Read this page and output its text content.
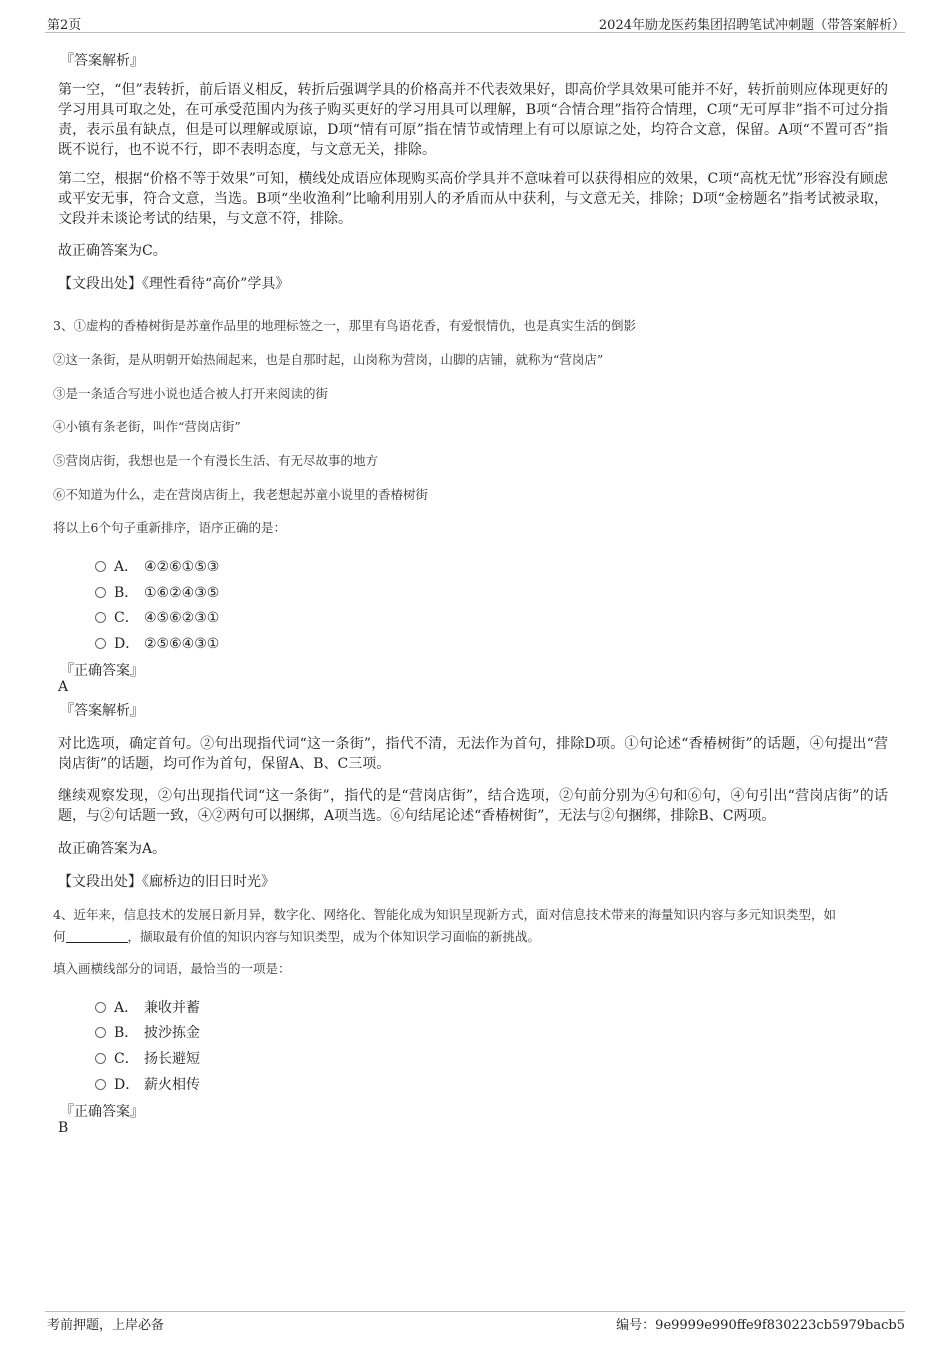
第2页	2024年励龙医药集团招聘笔试冲刺题（带答案解析）
『答案解析』
第一空，“但”表转折，前后语义相反，转折后强调学具的价格高并不代表效果好，即高价学具效果可能并不好，转折前则应体现更好的学习用具可取之处，在可承受范围内为孩子购买更好的学习用具可以理解，B项“合情合理”指符合情理，C项“无可厚非”指不可过分指责，表示虽有缺点，但是可以理解或原谅，D项“情有可原”指在情节或情理上有可以原谅之处，均符合文意，保留。A项“不置可否”指既不说行，也不说不行，即不表明态度，与文意无关，排除。
第二空，根据“价格不等于效果”可知，横线处成语应体现购买高价学具并不意味着可以获得相应的效果，C项“高枕无忧”形容没有顾虑或平安无事，符合文意，当选。B项“坐收渔利”比喻利用别人的矛盾而从中获利，与文意无关，排除；D项“金榜题名”指考试被录取，文段并未谈论考试的结果，与文意不符，排除。
故正确答案为C。
【文段出处】《理性看待“高价”学具》
3、①虚构的香椿树街是苏童作品里的地理标签之一，那里有鸟语花香，有爱恨情仇，也是真实生活的倒影
②这一条街，是从明朝开始热闹起来，也是自那时起，山岗称为营岗，山脚的店铺，就称为“营岗店”
③是一条适合写进小说也适合被人打开来阅读的街
④小镇有条老街，叫作“营岗店街”
⑤营岗店街，我想也是一个有漫长生活、有无尽故事的地方
⑥不知道为什么，走在营岗店街上，我老想起苏童小说里的香椿树街
将以上6个句子重新排序，语序正确的是：
A． ④②⑥①⑤③
B． ①⑥②④③⑤
C． ④⑤⑥②③①
D． ②⑤⑥④③①
『正确答案』
A
『答案解析』
对比选项，确定首句。②句出现指代词“这一条街”，指代不清，无法作为首句，排除D项。①句论述“香椿树街”的话题，④句提出“营岗店街”的话题，均可作为首句，保留A、B、C三项。
继续观察发现，②句出现指代词“这一条街”，指代的是“营岗店街”，结合选项，②句前分别为④句和⑥句，④句引出“营岗店街”的话题，与②句话题一致，④②两句可以捆绑，A项当选。⑥句结尾论述“香椿树街”，无法与②句捆绑，排除B、C两项。
故正确答案为A。
【文段出处】《廊桥边的旧日时光》
4、近年来，信息技术的发展日新月异，数字化、网络化、智能化成为知识呈现新方式，面对信息技术带来的海量知识内容与多元知识类型，如
何	，撷取最有价值的知识内容与知识类型，成为个体知识学习面临的新挑战。
填入画横线部分的词语，最恰当的一项是：
A． 兼收并蓄
B． 披沙拣金
C． 扬长避短
D． 薪火相传
『正确答案』
B
考前押题，上岸必备	编号：9e9999e990ffe9f830223cb5979bacb5
